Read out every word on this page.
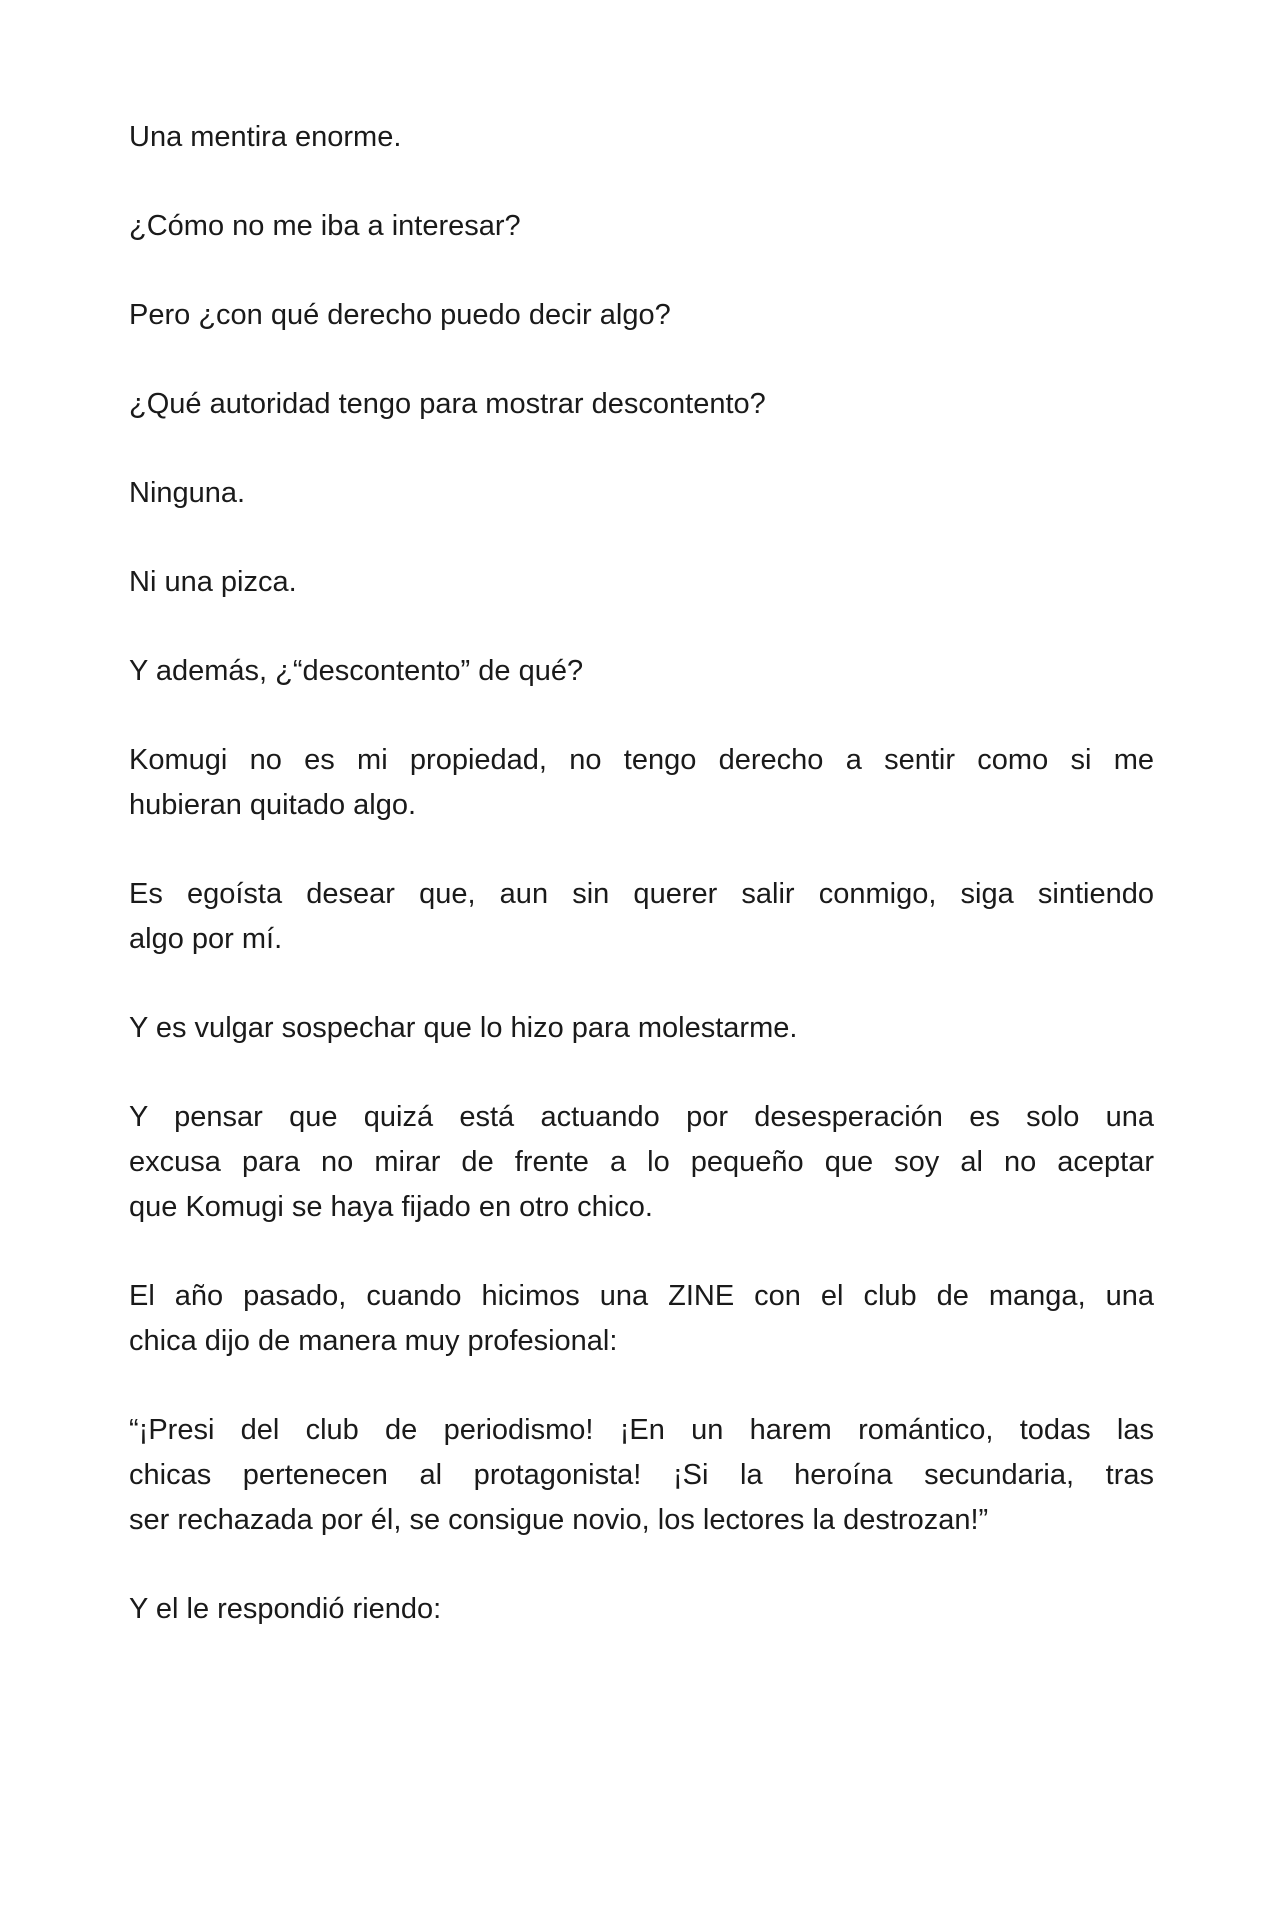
Una mentira enorme.
¿Cómo no me iba a interesar?
Pero ¿con qué derecho puedo decir algo?
¿Qué autoridad tengo para mostrar descontento?
Ninguna.
Ni una pizca.
Y además, ¿“descontento” de qué?
Komugi no es mi propiedad, no tengo derecho a sentir como si me
hubieran quitado algo.
Es egoísta desear que, aun sin querer salir conmigo, siga sintiendo
algo por mí.
Y es vulgar sospechar que lo hizo para molestarme.
Y pensar que quizá está actuando por desesperación es solo una
excusa para no mirar de frente a lo pequeño que soy al no aceptar
que Komugi se haya fijado en otro chico.
El año pasado, cuando hicimos una ZINE con el club de manga, una
chica dijo de manera muy profesional:
“¡Presi del club de periodismo! ¡En un harem romántico, todas las
chicas pertenecen al protagonista! ¡Si la heroína secundaria, tras
ser rechazada por él, se consigue novio, los lectores la destrozan!”
Y el le respondió riendo:
